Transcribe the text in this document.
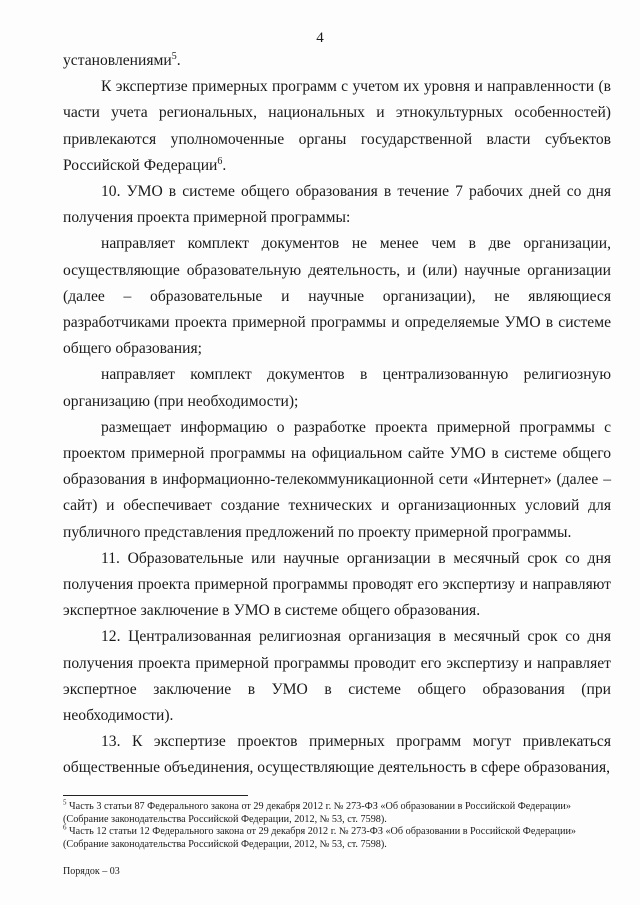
4

установлениями$^5$.

К экспертизе примерных программ с учетом их уровня и направленности (в части учета региональных, национальных и этнокультурных особенностей) привлекаются уполномоченные органы государственной власти субъектов Российской Федерации$^6$.

10. УМО в системе общего образования в течение 7 рабочих дней со дня получения проекта примерной программы:

направляет комплект документов не менее чем в две организации, осуществляющие образовательную деятельность, и (или) научные организации (далее – образовательные и научные организации), не являющиеся разработчиками проекта примерной программы и определяемые УМО в системе общего образования;

направляет комплект документов в централизованную религиозную организацию (при необходимости);

размещает информацию о разработке проекта примерной программы с проектом примерной программы на официальном сайте УМО в системе общего образования в информационно-телекоммуникационной сети «Интернет» (далее – сайт) и обеспечивает создание технических и организационных условий для публичного представления предложений по проекту примерной программы.

11. Образовательные или научные организации в месячный срок со дня получения проекта примерной программы проводят его экспертизу и направляют экспертное заключение в УМО в системе общего образования.

12. Централизованная религиозная организация в месячный срок со дня получения проекта примерной программы проводит его экспертизу и направляет экспертное заключение в УМО в системе общего образования (при необходимости).

13. К экспертизе проектов примерных программ могут привлекаться общественные объединения, осуществляющие деятельность в сфере образования,

$^5$ Часть 3 статьи 87 Федерального закона от 29 декабря 2012 г. № 273-ФЗ «Об образовании в Российской Федерации» (Собрание законодательства Российской Федерации, 2012, № 53, ст. 7598).

$^6$ Часть 12 статьи 12 Федерального закона от 29 декабря 2012 г. № 273-ФЗ «Об образовании в Российской Федерации» (Собрание законодательства Российской Федерации, 2012, № 53, ст. 7598).

Порядок – 03
